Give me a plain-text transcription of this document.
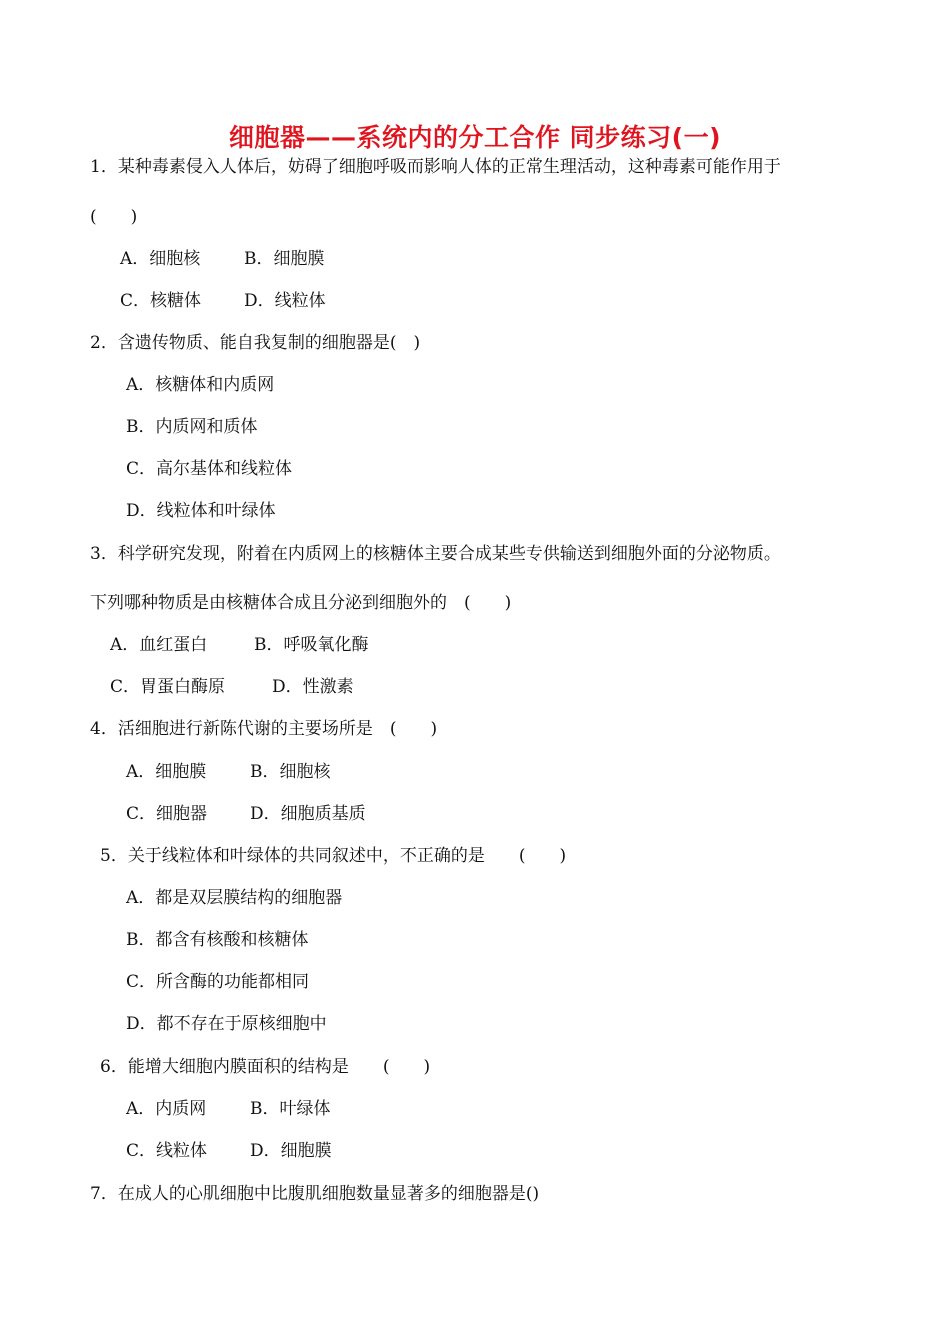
细胞器——系统内的分工合作 同步练习(一)
1．某种毒素侵入人体后，妨碍了细胞呼吸而影响人体的正常生理活动，这种毒素可能作用于
(　　)
A．细胞核	B．细胞膜
C．核糖体	D．线粒体
2．含遗传物质、能自我复制的细胞器是(　)
A．核糖体和内质网
B．内质网和质体
C．高尔基体和线粒体
D．线粒体和叶绿体
3．科学研究发现，附着在内质网上的核糖体主要合成某些专供输送到细胞外面的分泌物质。
下列哪种物质是由核糖体合成且分泌到细胞外的　(　　)
A．血红蛋白	B．呼吸氧化酶
C．胃蛋白酶原	D．性激素
4．活细胞进行新陈代谢的主要场所是　(　　)
A．细胞膜	B．细胞核
C．细胞器	D．细胞质基质
5．关于线粒体和叶绿体的共同叙述中，不正确的是　　(　　)
A．都是双层膜结构的细胞器
B．都含有核酸和核糖体
C．所含酶的功能都相同
D．都不存在于原核细胞中
6．能增大细胞内膜面积的结构是　　(　　)
A．内质网	B．叶绿体
C．线粒体	D．细胞膜
7．在成人的心肌细胞中比腹肌细胞数量显著多的细胞器是()
